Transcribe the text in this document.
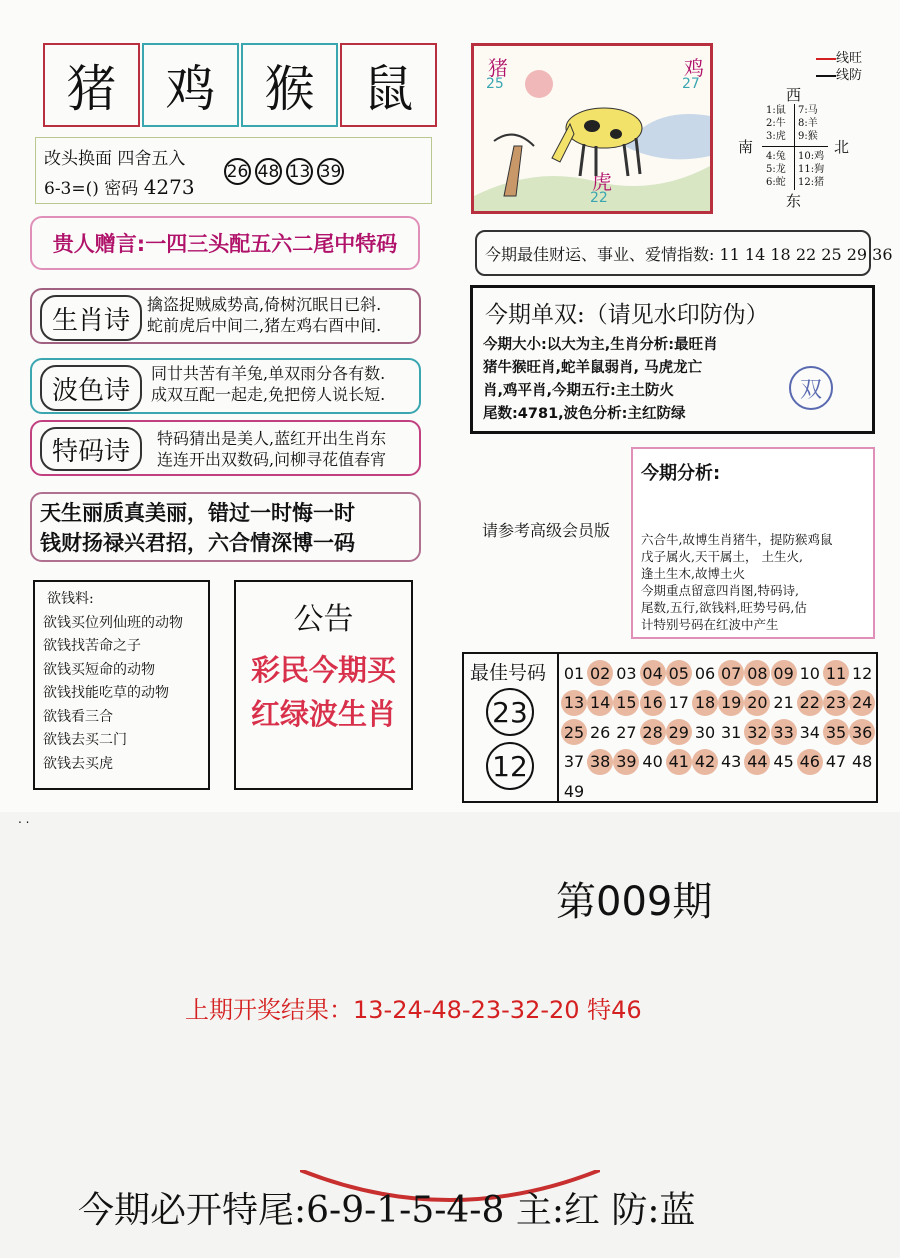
猪 鸡 猴 鼠
改头换面 四舍五入
6-3=() 密码 4273
26 48 13 39
贵人赠言:一四三头配五六二尾中特码
生肖诗
擒盗捉贼威势高,倚树沉眠日已斜.
蛇前虎后中间二,猪左鸡右酉中间.
波色诗
同廿共苦有羊兔,单双雨分各有数.
成双互配一起走,免把傍人说长短.
特码诗	特码猜出是美人,蓝红开出生肖东
连连开出双数码,问柳寻花值春宵
天生丽质真美丽，错过一时悔一时
钱财扬禄兴君招，六合情深博一码
欲钱料:
欲钱买位列仙班的动物
欲钱找苦命之子
欲钱买短命的动物
欲钱找能吃草的动物
欲钱看三合
欲钱去买二门
欲钱去买虎
公告
彩民今期买
红绿波生肖
猪
25
鸡
27
虎
22
线旺
线防
西
南	北
东
1:鼠
2:牛
3:虎
7:马
8:羊
9:猴
4:兔
5:龙
6:蛇
10:鸡
11:狗
12:猪
今期最佳财运、事业、爱情指数: 11 14 18 22 25 29 36
今期单双:（请见水印防伪）
今期大小:以大为主,生肖分析:最旺肖
猪牛猴旺肖,蛇羊鼠弱肖, 马虎龙亡
肖,鸡平肖,今期五行:主土防火
尾数:4781,波色分析:主红防绿
双
请参考高级会员版
今期分析:
六合牛,故博生肖猪牛，提防猴鸡鼠
戊子属火,天干属土， 土生火,
逢土生木,故博土火
今期重点留意四肖图,特码诗,
尾数,五行,欲钱料,旺势号码,估
计特别号码在红波中产生
最佳号码
23
12
01 02 03 04 05 06 07 08 09 10 11 12
13 14 15 16 17 18 19 20 21 22 23 24
25 26 27 28 29 30 31 32 33 34 35 36
37 38 39 40 41 42 43 44 45 46 47 48
49
. .
第009期
上期开奖结果：13-24-48-23-32-20 特46
今期必开特尾:6-9-1-5-4-8 主:红 防:蓝
